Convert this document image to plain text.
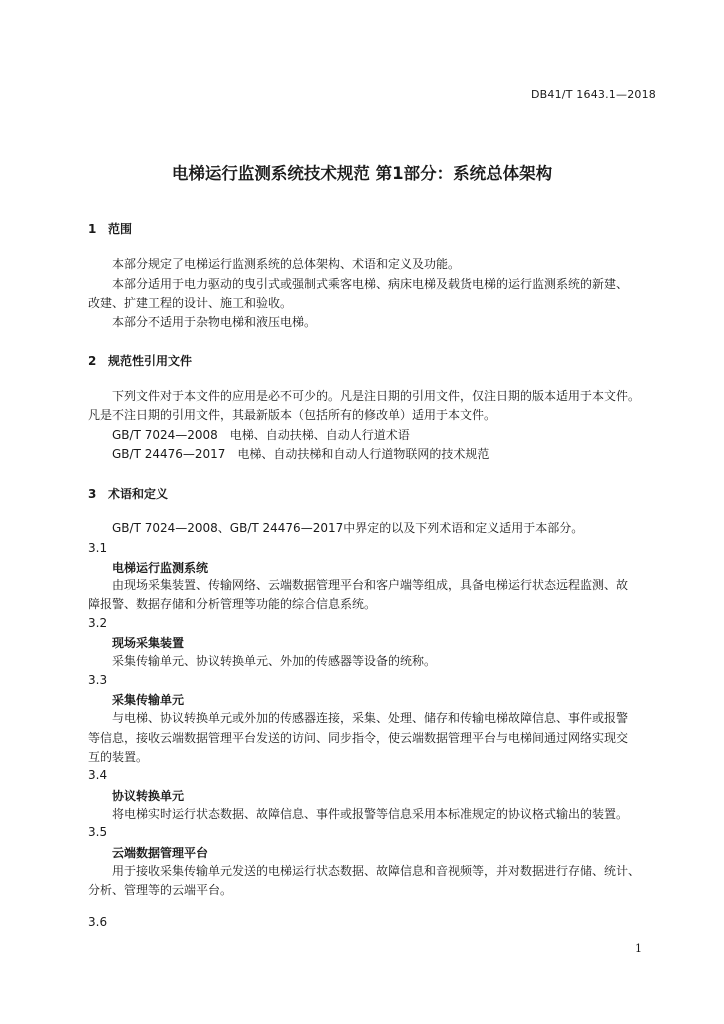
DB41/T 1643.1—2018
电梯运行监测系统技术规范 第1部分：系统总体架构
1 范围
本部分规定了电梯运行监测系统的总体架构、术语和定义及功能。
本部分适用于电力驱动的曳引式或强制式乘客电梯、病床电梯及载货电梯的运行监测系统的新建、
改建、扩建工程的设计、施工和验收。
本部分不适用于杂物电梯和液压电梯。
2 规范性引用文件
下列文件对于本文件的应用是必不可少的。凡是注日期的引用文件，仅注日期的版本适用于本文件。
凡是不注日期的引用文件，其最新版本（包括所有的修改单）适用于本文件。
GB/T 7024—2008　电梯、自动扶梯、自动人行道术语
GB/T 24476—2017　电梯、自动扶梯和自动人行道物联网的技术规范
3 术语和定义
GB/T 7024—2008、GB/T 24476—2017中界定的以及下列术语和定义适用于本部分。
3.1
电梯运行监测系统
由现场采集装置、传输网络、云端数据管理平台和客户端等组成，具备电梯运行状态远程监测、故
障报警、数据存储和分析管理等功能的综合信息系统。
3.2
现场采集装置
采集传输单元、协议转换单元、外加的传感器等设备的统称。
3.3
采集传输单元
与电梯、协议转换单元或外加的传感器连接，采集、处理、储存和传输电梯故障信息、事件或报警
等信息，接收云端数据管理平台发送的访问、同步指令，使云端数据管理平台与电梯间通过网络实现交
互的装置。
3.4
协议转换单元
将电梯实时运行状态数据、故障信息、事件或报警等信息采用本标准规定的协议格式输出的装置。
3.5
云端数据管理平台
用于接收采集传输单元发送的电梯运行状态数据、故障信息和音视频等，并对数据进行存储、统计、
分析、管理等的云端平台。
3.6
1
